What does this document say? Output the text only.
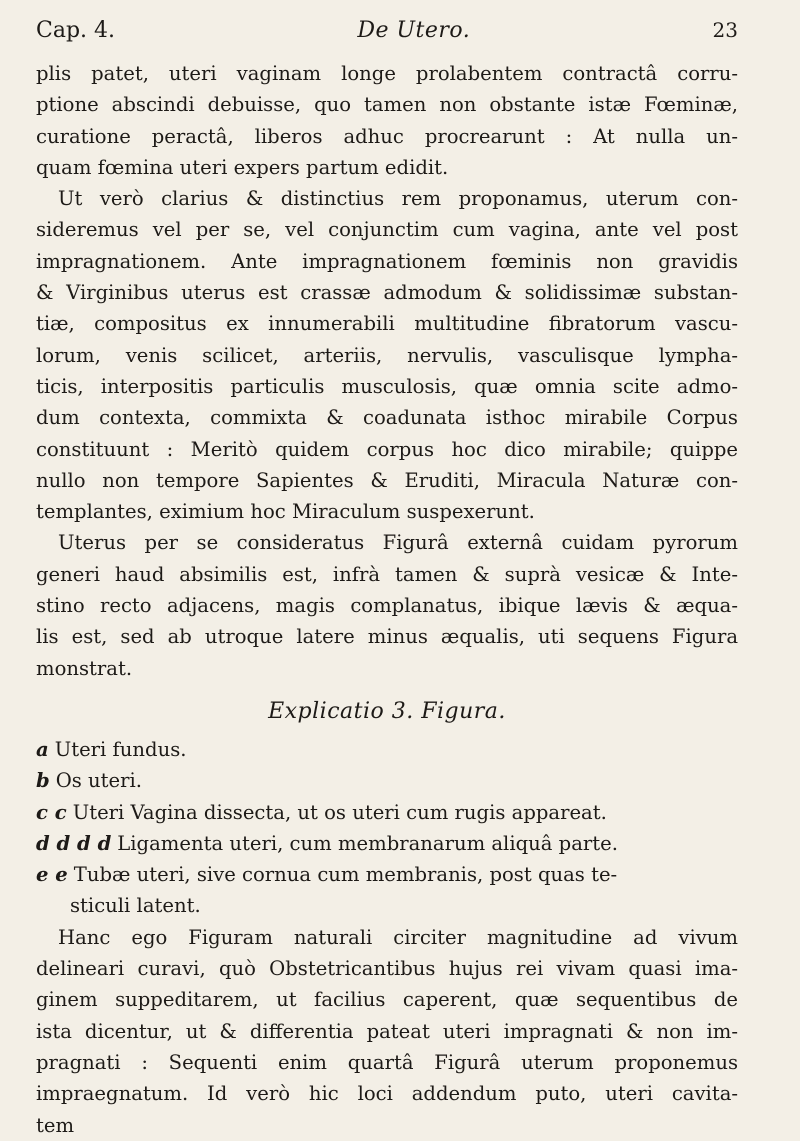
Cap. 4.	De Utero.	23
plis patet, uteri vaginam longe prolabentem contractâ corru-
ptione abscindi debuisse, quo tamen non obstante istæ Fœminæ,
curatione peractâ, liberos adhuc procrearunt : At nulla un-
quam fœmina uteri expers partum edidit.
Ut verò clarius & distinctius rem proponamus, uterum con-
sideremus vel per se, vel conjunctim cum vagina, ante vel post
impragnationem. Ante impragnationem fœminis non gravidis
& Virginibus uterus est crassæ admodum & solidissimæ substan-
tiæ, compositus ex innumerabili multitudine fibratorum vascu-
lorum, venis scilicet, arteriis, nervulis, vasculisque lympha-
ticis, interpositis particulis musculosis, quæ omnia scite admo-
dum contexta, commixta & coadunata isthoc mirabile Corpus
constituunt : Meritò quidem corpus hoc dico mirabile; quippe
nullo non tempore Sapientes & Eruditi, Miracula Naturæ con-
templantes, eximium hoc Miraculum suspexerunt.
Uterus per se consideratus Figurâ externâ cuidam pyrorum
generi haud absimilis est, infrà tamen & suprà vesicæ & Inte-
stino recto adjacens, magis complanatus, ibique lævis & æqua-
lis est, sed ab utroque latere minus æqualis, uti sequens Figura
monstrat.
Explicatio 3. Figura.
a Uteri fundus.
b Os uteri.
c c Uteri Vagina dissecta, ut os uteri cum rugis appareat.
d d d d Ligamenta uteri, cum membranarum aliquâ parte.
e e Tubæ uteri, sive cornua cum membranis, post quas te-
sticuli latent.
Hanc ego Figuram naturali circiter magnitudine ad vivum
delineari curavi, quò Obstetricantibus hujus rei vivam quasi ima-
ginem suppeditarem, ut facilius caperent, quæ sequentibus de
ista dicentur, ut & differentia pateat uteri impragnati & non im-
pragnati : Sequenti enim quartâ Figurâ uterum proponemus
impraegnatum. Id verò hic loci addendum puto, uteri cavita-
tem
